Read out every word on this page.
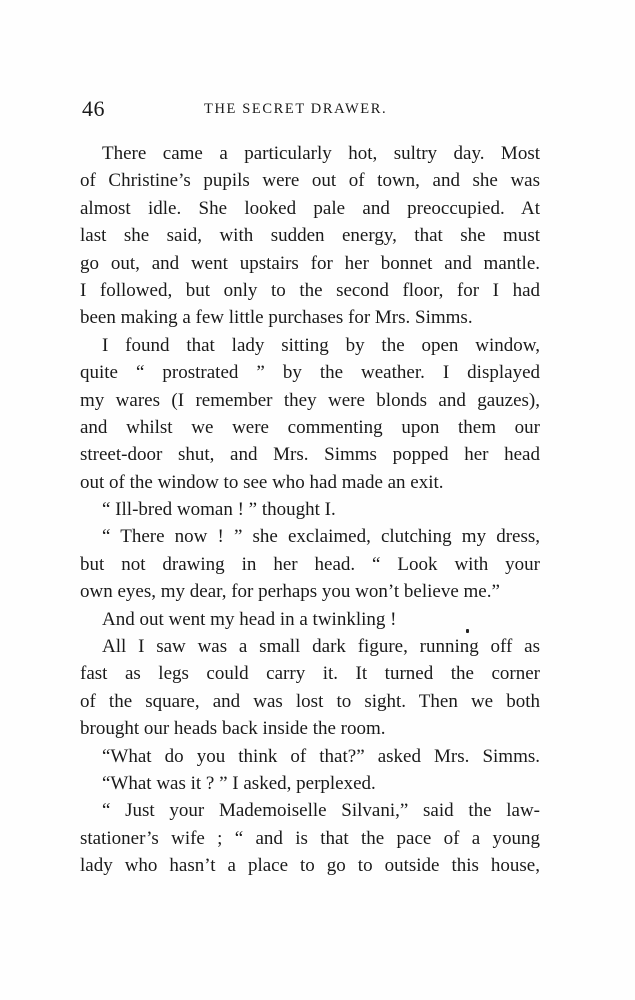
46	THE SECRET DRAWER.
There came a particularly hot, sultry day. Most
of Christine’s pupils were out of town, and she was
almost idle. She looked pale and preoccupied. At
last she said, with sudden energy, that she must
go out, and went upstairs for her bonnet and mantle.
I followed, but only to the second floor, for I had
been making a few little purchases for Mrs. Simms.
I found that lady sitting by the open window,
quite “ prostrated ” by the weather. I displayed
my wares (I remember they were blonds and gauzes),
and whilst we were commenting upon them our
street-door shut, and Mrs. Simms popped her head
out of the window to see who had made an exit.
“ Ill-bred woman ! ” thought I.
“ There now ! ” she exclaimed, clutching my dress,
but not drawing in her head. “ Look with your
own eyes, my dear, for perhaps you won’t believe me.”
And out went my head in a twinkling !
All I saw was a small dark figure, running off as
fast as legs could carry it. It turned the corner
of the square, and was lost to sight. Then we both
brought our heads back inside the room.
“What do you think of that?” asked Mrs. Simms.
“What was it ? ” I asked, perplexed.
“ Just your Mademoiselle Silvani,” said the law-
stationer’s wife ; “ and is that the pace of a young
lady who hasn’t a place to go to outside this house,
